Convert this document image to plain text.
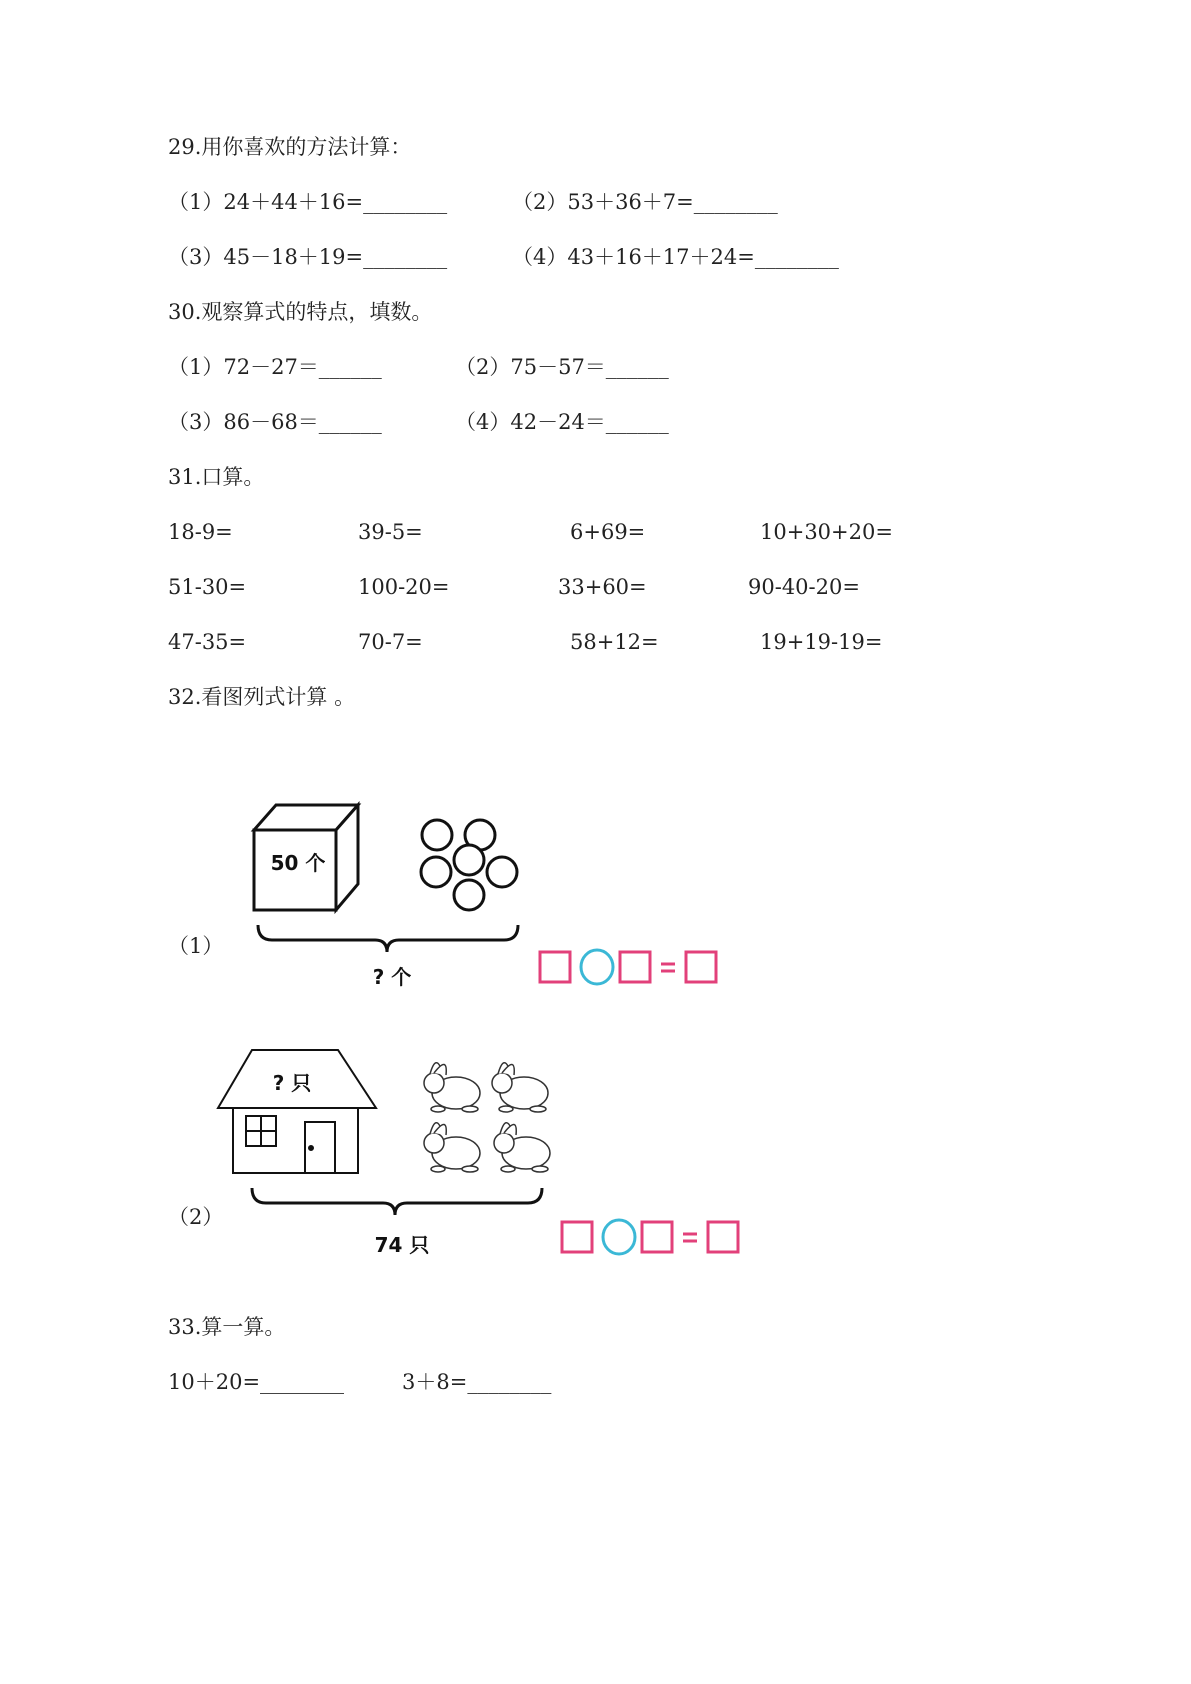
29.用你喜欢的方法计算：
（1）24＋44＋16=________	（2）53＋36＋7=________
（3）45－18＋19=________	（4）43＋16＋17＋24=________
30.观察算式的特点，填数。
（1）72－27＝______	（2）75－57＝______
（3）86－68＝______	（4）42－24＝______
31.口算。
18-9=	39-5=	6+69=	10+30+20=
51-30=	100-20=	33+60=	90-40-20=
47-35=	70-7=	58+12=	19+19-19=
32.看图列式计算 。
（1）
50 个
? 个
（2）
? 只
74 只
33.算一算。
10＋20=________	3＋8=________
